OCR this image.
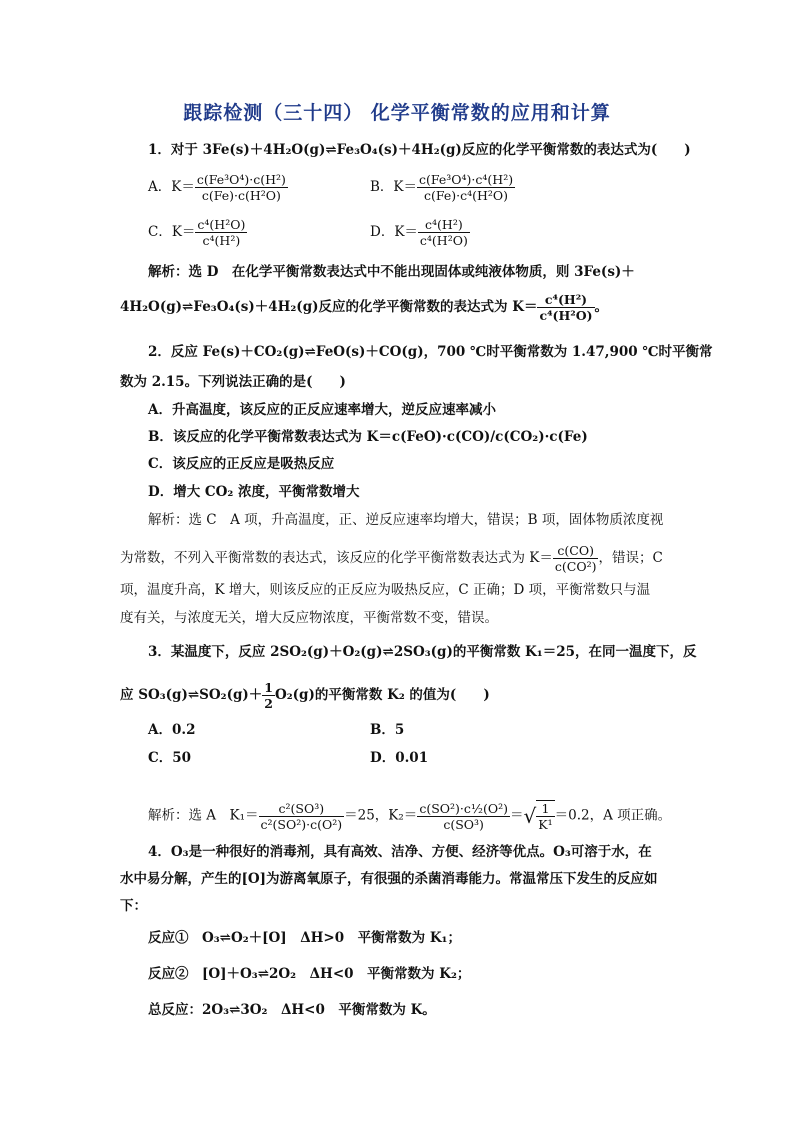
跟踪检测（三十四） 化学平衡常数的应用和计算
1．对于 3Fe(s)＋4H₂O(g)⇌Fe₃O₄(s)＋4H₂(g)反应的化学平衡常数的表达式为(　　)
A．$K= \frac{\text{c(Fe³O⁴)·c(H²)}}{\text{c(Fe)·c(H²O)}}$	B．$K= \frac{\text{c(Fe³O⁴)·c⁴(H²)}}{\text{c(Fe)·c⁴(H²O)}}$
C．$K= \frac{\text{c⁴(H²O)}}{\text{c⁴(H²)}}$	D．$K= \frac{\text{c⁴(H²)}}{\text{c⁴(H²O)}}$
解析：选 D　在化学平衡常数表达式中不能出现固体或纯液体物质，则 3Fe(s)＋
4H₂O(g)⇌Fe₃O₄(s)＋4H₂(g)反应的化学平衡常数的表达式为 $K= \frac{\text{c⁴(H²)}}{\text{c⁴(H²O)}}$ 。
2．反应 Fe(s)＋CO₂(g)⇌FeO(s)＋CO(g)，700 ℃时平衡常数为 1.47,900 ℃时平衡常
数为 2.15。下列说法正确的是(　　)
A．升高温度，该反应的正反应速率增大，逆反应速率减小
B．该反应的化学平衡常数表达式为 K＝c(FeO)·c(CO)/c(CO₂)·c(Fe)
C．该反应的正反应是吸热反应
D．增大 CO₂ 浓度，平衡常数增大
解析：选 C　A 项，升高温度，正、逆反应速率均增大，错误；B 项，固体物质浓度视
为常数，不列入平衡常数的表达式，该反应的化学平衡常数表达式为 $K= \frac{c(CO)}{\text{c(CO²)}}$ ，错误；C
项，温度升高，K 增大，则该反应的正反应为吸热反应，C 正确；D 项，平衡常数只与温
度有关，与浓度无关，增大反应物浓度，平衡常数不变，错误。
3．某温度下，反应 2SO₂(g)＋O₂(g)⇌2SO₃(g)的平衡常数 K₁＝25，在同一温度下，反
应 SO₃(g)⇌SO₂(g)＋ $\frac{1}{2} O_2(g)$的平衡常数 K₂ 的值为(　　)
A．0.2	B．5
C．50	D．0.01
解析：选 A　$K_1= \frac{\text{c²(SO³)}}{\text{c²(SO²)·c(O²)}} =25$，$K_2= \frac{\text{c(SO²)·c½(O²)}}{\text{c(SO³)}}$ ＝√ $\frac{1}{\text{K¹}} =0.2$，A 项正确。
4．O₃是一种很好的消毒剂，具有高效、洁净、方便、经济等优点。O₃可溶于水，在
水中易分解，产生的[O]为游离氧原子，有很强的杀菌消毒能力。常温常压下发生的反应如
下：
反应①　O₃⇌O₂＋[O]　ΔH>0　平衡常数为 K₁；
反应②　[O]＋O₃⇌2O₂　ΔH<0　平衡常数为 K₂；
总反应：2O₃⇌3O₂　ΔH<0　平衡常数为 K。
